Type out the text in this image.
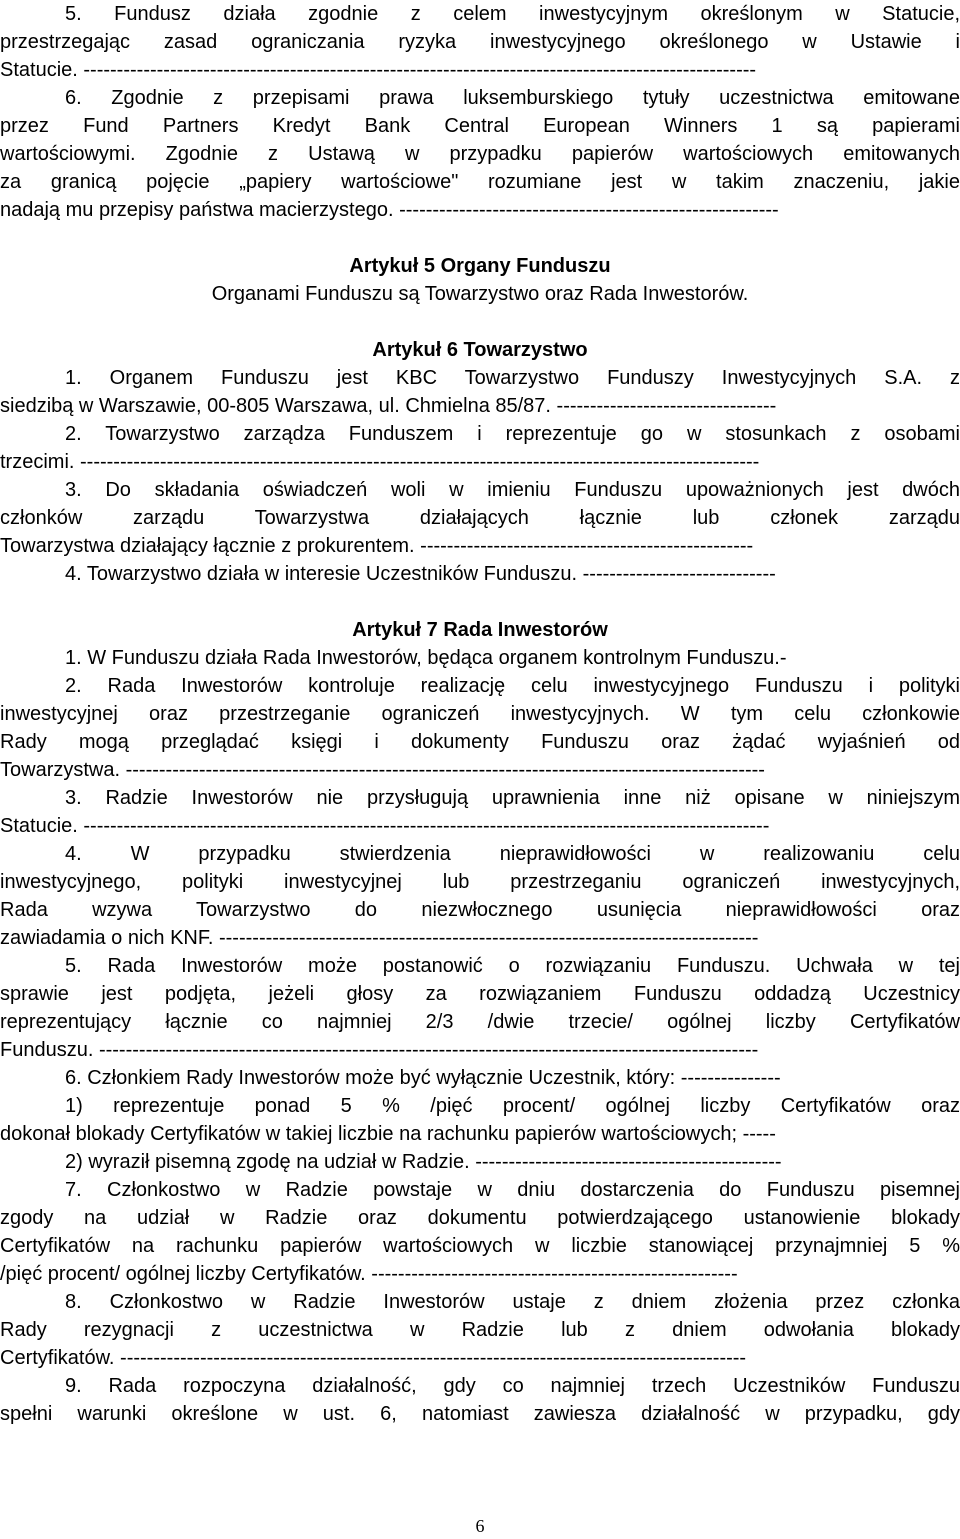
5. Fundusz działa zgodnie z celem inwestycyjnym określonym w Statucie,
przestrzegając zasad ograniczania ryzyka inwestycyjnego określonego w Ustawie i
Statucie. -----------------------------------------------------------------------------------------------------
6. Zgodnie z przepisami prawa luksemburskiego tytuły uczestnictwa emitowane
przez Fund Partners Kredyt Bank Central European Winners 1 są papierami
wartościowymi. Zgodnie z Ustawą w przypadku papierów wartościowych emitowanych
za granicą pojęcie „papiery wartościowe" rozumiane jest w takim znaczeniu, jakie
nadają mu przepisy państwa macierzystego. ---------------------------------------------------------
Artykuł 5 Organy Funduszu
Organami Funduszu są Towarzystwo oraz Rada Inwestorów.
Artykuł 6 Towarzystwo
1. Organem Funduszu jest KBC Towarzystwo Funduszy Inwestycyjnych S.A. z
siedzibą w Warszawie, 00-805 Warszawa, ul. Chmielna 85/87. ---------------------------------
2. Towarzystwo zarządza Funduszem i reprezentuje go w stosunkach z osobami
trzecimi. ------------------------------------------------------------------------------------------------------
3. Do składania oświadczeń woli w imieniu Funduszu upoważnionych jest dwóch
członków zarządu Towarzystwa działających łącznie lub członek zarządu
Towarzystwa działający łącznie z prokurentem. --------------------------------------------------
4. Towarzystwo działa w interesie Uczestników Funduszu. -----------------------------
Artykuł 7 Rada Inwestorów
1. W Funduszu działa Rada Inwestorów, będąca organem kontrolnym Funduszu.-
2. Rada Inwestorów kontroluje realizację celu inwestycyjnego Funduszu i polityki
inwestycyjnej oraz przestrzeganie ograniczeń inwestycyjnych. W tym celu członkowie
Rady mogą przeglądać księgi i dokumenty Funduszu oraz żądać wyjaśnień od
Towarzystwa. ------------------------------------------------------------------------------------------------
3. Radzie Inwestorów nie przysługują uprawnienia inne niż opisane w niniejszym
Statucie. -------------------------------------------------------------------------------------------------------
4. W przypadku stwierdzenia nieprawidłowości w realizowaniu celu
inwestycyjnego, polityki inwestycyjnej lub przestrzeganiu ograniczeń inwestycyjnych,
Rada wzywa Towarzystwo do niezwłocznego usunięcia nieprawidłowości oraz
zawiadamia o nich KNF. ---------------------------------------------------------------------------------
5. Rada Inwestorów może postanowić o rozwiązaniu Funduszu. Uchwała w tej
sprawie jest podjęta, jeżeli głosy za rozwiązaniem Funduszu oddadzą Uczestnicy
reprezentujący łącznie co najmniej 2/3 /dwie trzecie/ ogólnej liczby Certyfikatów
Funduszu. ---------------------------------------------------------------------------------------------------
6. Członkiem Rady Inwestorów może być wyłącznie Uczestnik, który: ---------------
1) reprezentuje ponad 5 % /pięć procent/ ogólnej liczby Certyfikatów oraz
dokonał blokady Certyfikatów w takiej liczbie na rachunku papierów wartościowych; -----
2) wyraził pisemną zgodę na udział w Radzie. ----------------------------------------------
7. Członkostwo w Radzie powstaje w dniu dostarczenia do Funduszu pisemnej
zgody na udział w Radzie oraz dokumentu potwierdzającego ustanowienie blokady
Certyfikatów na rachunku papierów wartościowych w liczbie stanowiącej przynajmniej 5 %
/pięć procent/ ogólnej liczby Certyfikatów. -------------------------------------------------------
8. Członkostwo w Radzie Inwestorów ustaje z dniem złożenia przez członka
Rady rezygnacji z uczestnictwa w Radzie lub z dniem odwołania blokady
Certyfikatów. ----------------------------------------------------------------------------------------------
9. Rada rozpoczyna działalność, gdy co najmniej trzech Uczestników Funduszu
spełni warunki określone w ust. 6, natomiast zawiesza działalność w przypadku, gdy
6
